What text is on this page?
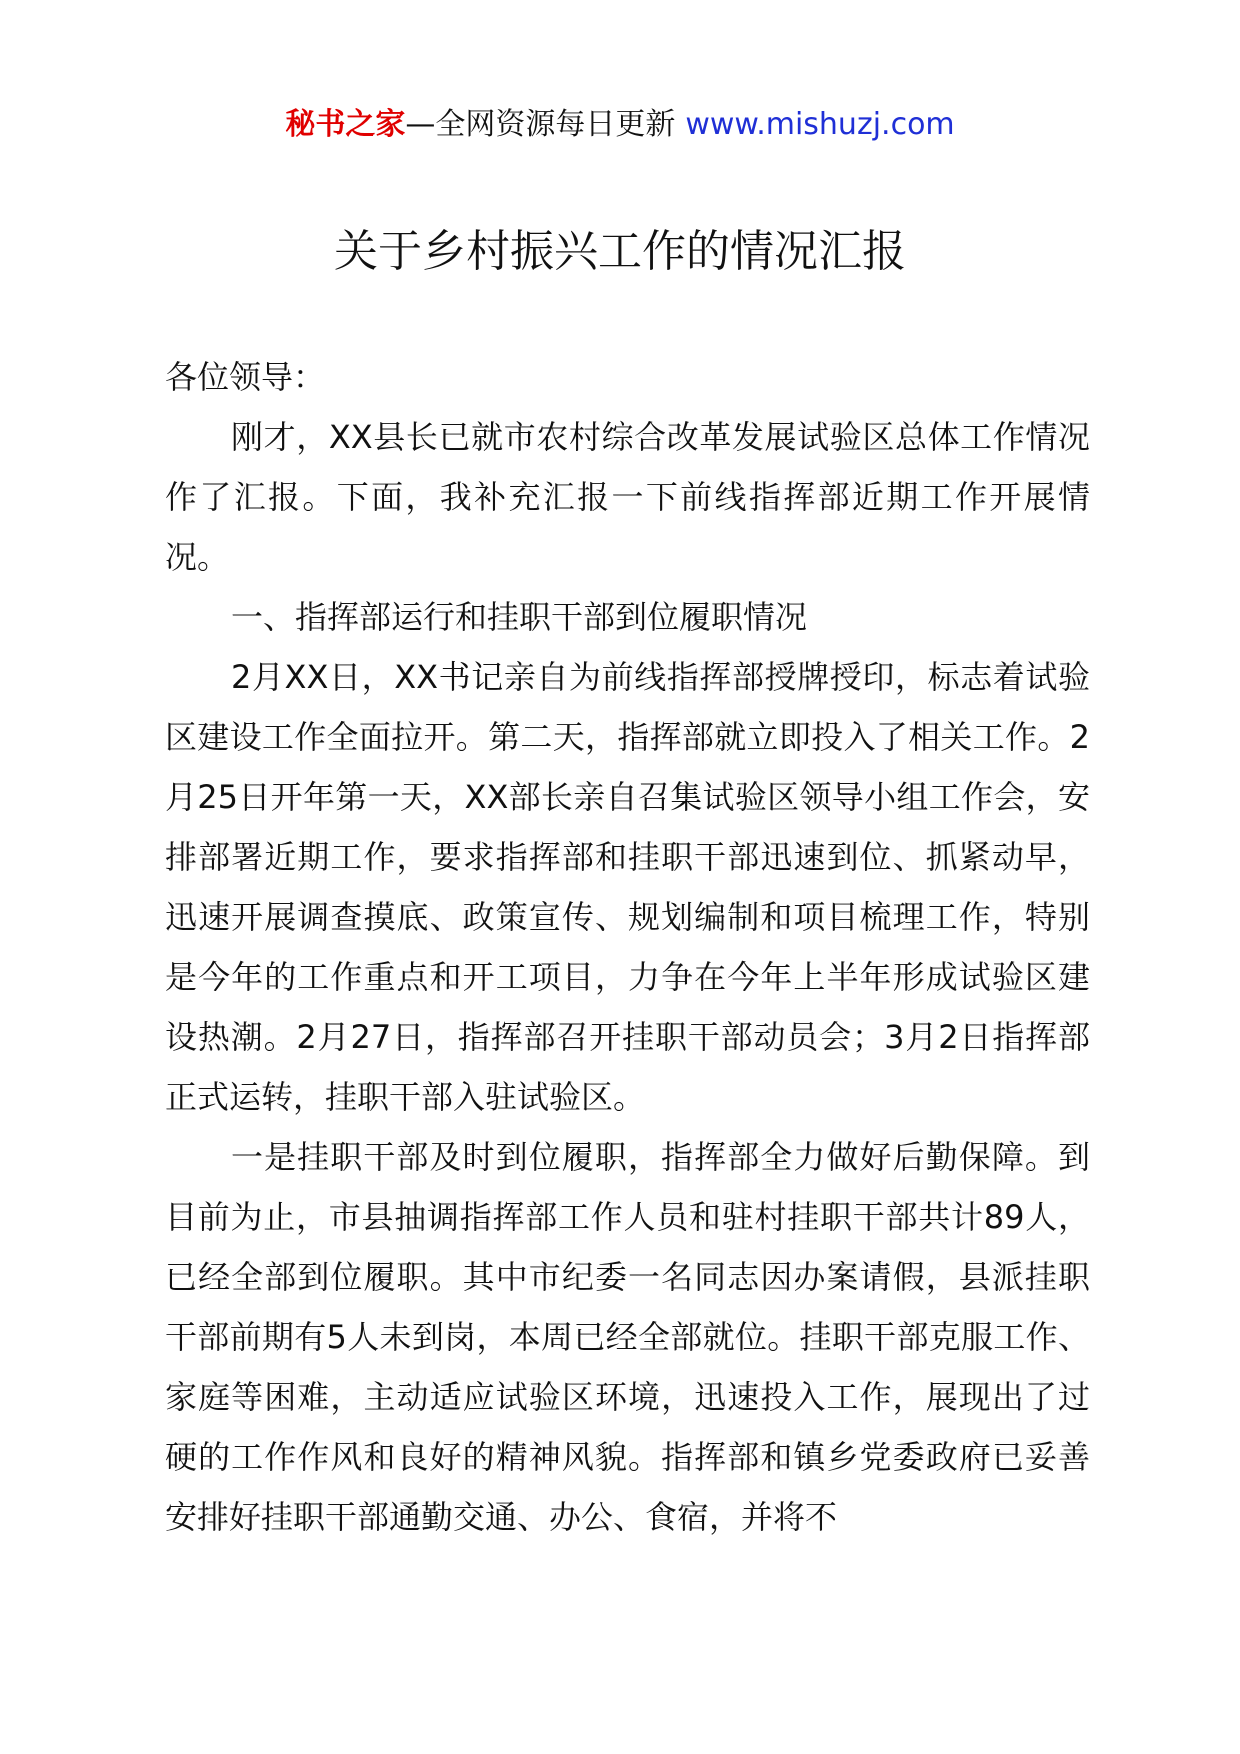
秘书之家—全网资源每日更新 www.mishuzj.com
关于乡村振兴工作的情况汇报

各位领导：

刚才，XX县长已就市农村综合改革发展试验区总体工作情况作了汇报。下面，我补充汇报一下前线指挥部近期工作开展情况。

一、指挥部运行和挂职干部到位履职情况

2月XX日，XX书记亲自为前线指挥部授牌授印，标志着试验区建设工作全面拉开。第二天，指挥部就立即投入了相关工作。2月25日开年第一天，XX部长亲自召集试验区领导小组工作会，安排部署近期工作，要求指挥部和挂职干部迅速到位、抓紧动早，迅速开展调查摸底、政策宣传、规划编制和项目梳理工作，特别是今年的工作重点和开工项目，力争在今年上半年形成试验区建设热潮。2月27日，指挥部召开挂职干部动员会；3月2日指挥部正式运转，挂职干部入驻试验区。

一是挂职干部及时到位履职，指挥部全力做好后勤保障。到目前为止，市县抽调指挥部工作人员和驻村挂职干部共计89人，已经全部到位履职。其中市纪委一名同志因办案请假，县派挂职干部前期有5人未到岗，本周已经全部就位。挂职干部克服工作、家庭等困难，主动适应试验区环境，迅速投入工作，展现出了过硬的工作作风和良好的精神风貌。指挥部和镇乡党委政府已妥善安排好挂职干部通勤交通、办公、食宿，并将不
